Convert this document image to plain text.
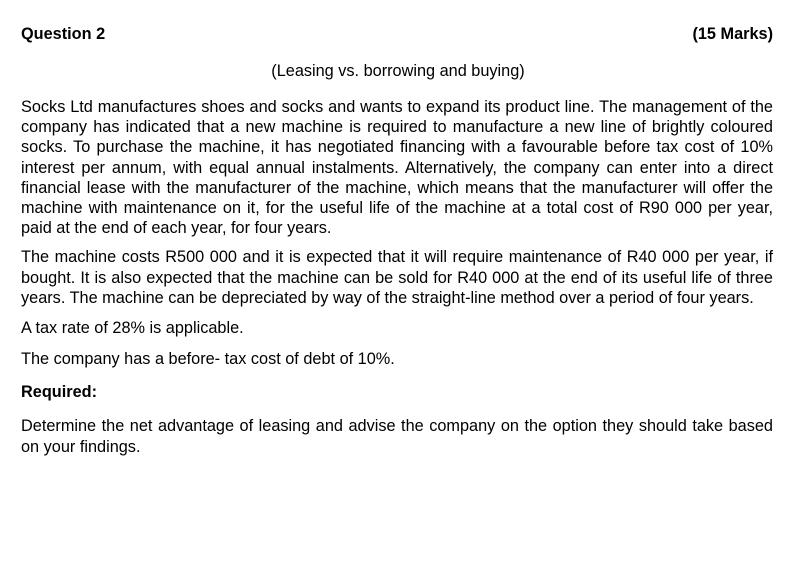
Question 2	(15 Marks)
(Leasing vs. borrowing and buying)
Socks Ltd manufactures shoes and socks and wants to expand its product line. The management of the company has indicated that a new machine is required to manufacture a new line of brightly coloured socks. To purchase the machine, it has negotiated financing with a favourable before tax cost of 10% interest per annum, with equal annual instalments. Alternatively, the company can enter into a direct financial lease with the manufacturer of the machine, which means that the manufacturer will offer the machine with maintenance on it, for the useful life of the machine at a total cost of R90 000 per year, paid at the end of each year, for four years.
The machine costs R500 000 and it is expected that it will require maintenance of R40 000 per year, if bought. It is also expected that the machine can be sold for R40 000 at the end of its useful life of three years. The machine can be depreciated by way of the straight-line method over a period of four years.
A tax rate of 28% is applicable.
The company has a before- tax cost of debt of 10%.
Required:
Determine the net advantage of leasing and advise the company on the option they should take based on your findings.
